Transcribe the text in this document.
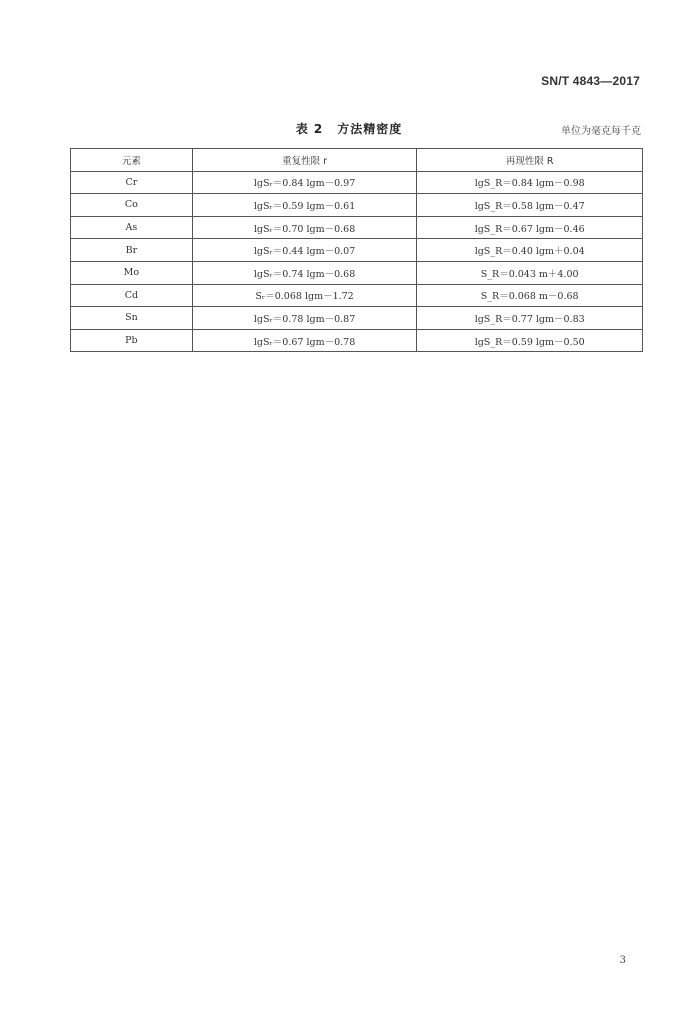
SN/T 4843—2017
表 2 方法精密度	单位为毫克每千克
元素	重复性限 r	再现性限 R
Cr	lgSᵣ＝0.84 lgm－0.97	lgS_R＝0.84 lgm－0.98
Co	lgSᵣ＝0.59 lgm－0.61	lgS_R＝0.58 lgm－0.47
As	lgSᵣ＝0.70 lgm－0.68	lgS_R＝0.67 lgm－0.46
Br	lgSᵣ＝0.44 lgm－0.07	lgS_R＝0.40 lgm＋0.04
Mo	lgSᵣ＝0.74 lgm－0.68	S_R＝0.043 m＋4.00
Cd	Sᵣ＝0.068 lgm－1.72	S_R＝0.068 m－0.68
Sn	lgSᵣ＝0.78 lgm－0.87	lgS_R＝0.77 lgm－0.83
Pb	lgSᵣ＝0.67 lgm－0.78	lgS_R＝0.59 lgm－0.50
3
